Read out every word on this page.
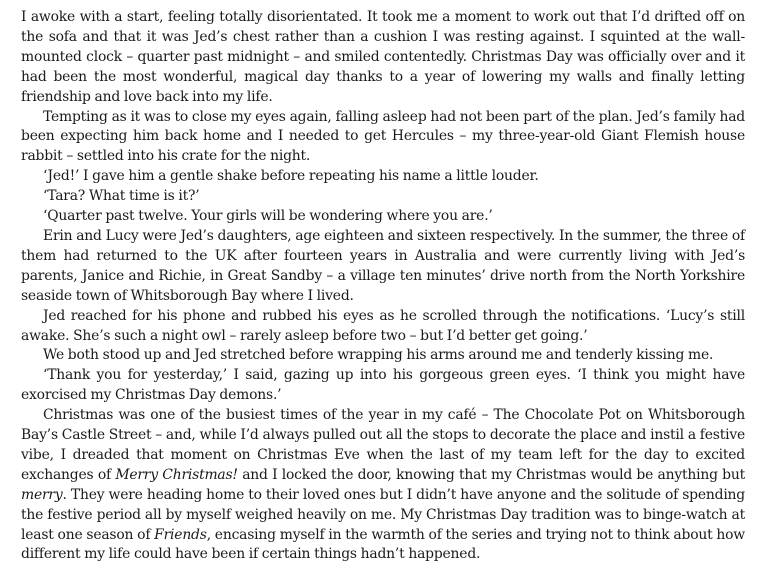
I awoke with a start, feeling totally disorientated. It took me a moment to work out that I’d drifted off on the sofa and that it was Jed’s chest rather than a cushion I was resting against. I squinted at the wall-mounted clock – quarter past midnight – and smiled contentedly. Christmas Day was officially over and it had been the most wonderful, magical day thanks to a year of lowering my walls and finally letting friendship and love back into my life.

Tempting as it was to close my eyes again, falling asleep had not been part of the plan. Jed’s family had been expecting him back home and I needed to get Hercules – my three-year-old Giant Flemish house rabbit – settled into his crate for the night.

‘Jed!’ I gave him a gentle shake before repeating his name a little louder.

‘Tara? What time is it?’

‘Quarter past twelve. Your girls will be wondering where you are.’

Erin and Lucy were Jed’s daughters, age eighteen and sixteen respectively. In the summer, the three of them had returned to the UK after fourteen years in Australia and were currently living with Jed’s parents, Janice and Richie, in Great Sandby – a village ten minutes’ drive north from the North Yorkshire seaside town of Whitsborough Bay where I lived.

Jed reached for his phone and rubbed his eyes as he scrolled through the notifications. ‘Lucy’s still awake. She’s such a night owl – rarely asleep before two – but I’d better get going.’

We both stood up and Jed stretched before wrapping his arms around me and tenderly kissing me.

‘Thank you for yesterday,’ I said, gazing up into his gorgeous green eyes. ‘I think you might have exorcised my Christmas Day demons.’

Christmas was one of the busiest times of the year in my café – The Chocolate Pot on Whitsborough Bay’s Castle Street – and, while I’d always pulled out all the stops to decorate the place and instil a festive vibe, I dreaded that moment on Christmas Eve when the last of my team left for the day to excited exchanges of Merry Christmas! and I locked the door, knowing that my Christmas would be anything but merry. They were heading home to their loved ones but I didn’t have anyone and the solitude of spending the festive period all by myself weighed heavily on me. My Christmas Day tradition was to binge-watch at least one season of Friends, encasing myself in the warmth of the series and trying not to think about how different my life could have been if certain things hadn’t happened.
